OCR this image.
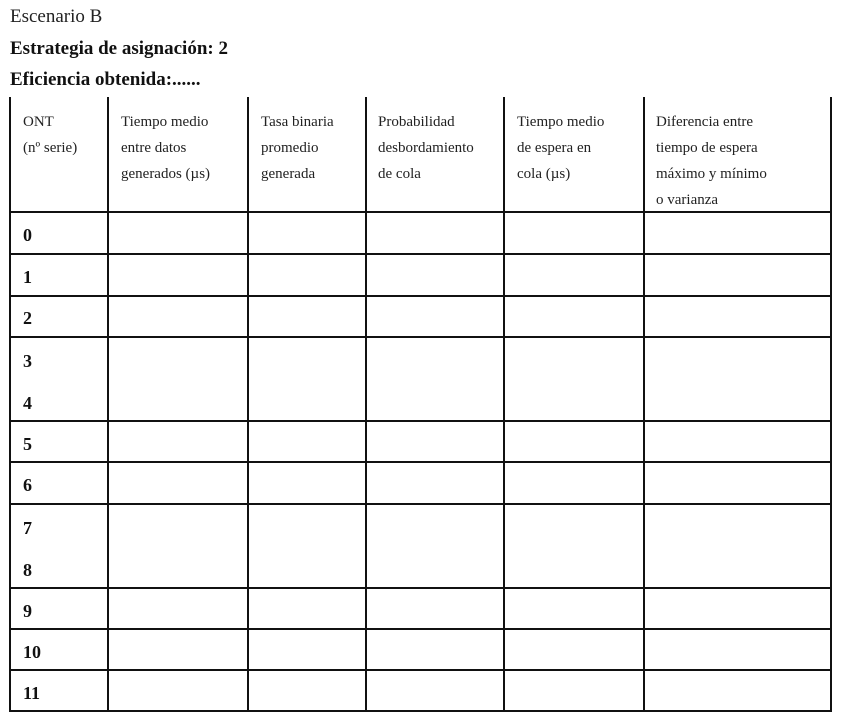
Escenario B
Estrategia de asignación: 2
Eficiencia obtenida:......
ONT
(nº serie)
Tiempo medio
entre datos
generados (µs)
Tasa binaria
promedio
generada
Probabilidad
desbordamiento
de cola
Tiempo medio
de espera en
cola (µs)
Diferencia entre
tiempo de espera
máximo y mínimo
o varianza
0
1
2
3
4
5
6
7
8
9
10
11
